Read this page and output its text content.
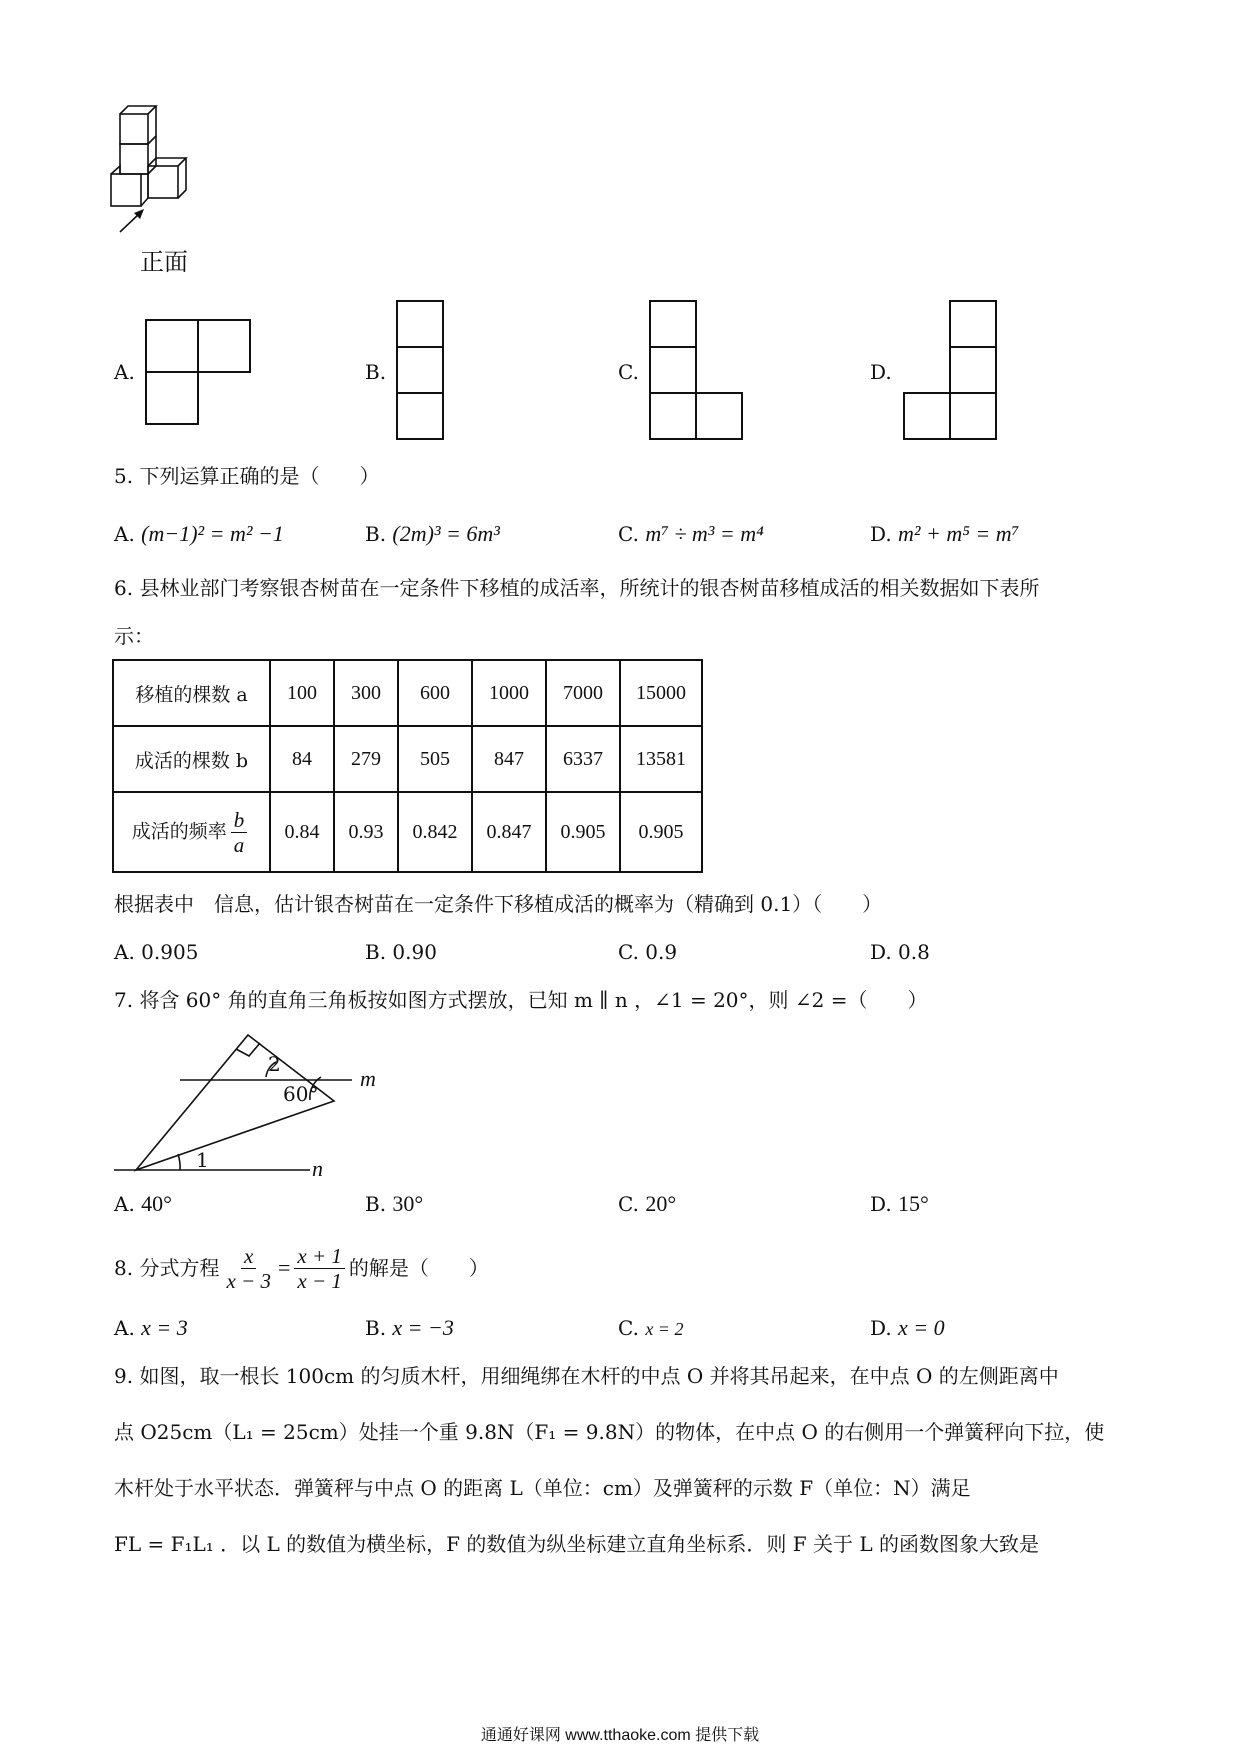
正面
A.	B.	C.	D.
5. 下列运算正确的是（　　）
A. (m−1)² = m² −1	B. (2m)³ = 6m³	C. m⁷ ÷ m³ = m⁴	D. m² + m⁵ = m⁷
6. 县林业部门考察银杏树苗在一定条件下移植的成活率，所统计的银杏树苗移植成活的相关数据如下表所
示：
移植的棵数 a	100	300	600	1000	7000	15000
成活的棵数 b	84	279	505	847	6337	13581
成活的频率 $\frac{b}{a}$	0.84	0.93	0.842	0.847	0.905	0.905
根据表中　信息，估计银杏树苗在一定条件下移植成活的概率为（精确到 0.1）（　　）
A. 0.905	B. 0.90	C. 0.9	D. 0.8
7. 将含 60° 角的直角三角板按如图方式摆放，已知 m ∥ n ，∠1 = 20°，则 ∠2 =（　　）
m
n
2
60°
1
A. 40°	B. 30°	C. 20°	D. 15°
8. 分式方程 $\frac{x}{x - 3} = \frac{x + 1}{x - 1}$ 的解是（　　）
A. x = 3	B. x = −3	C. x = 2	D. x = 0
9. 如图，取一根长 100cm 的匀质木杆，用细绳绑在木杆的中点 O 并将其吊起来，在中点 O 的左侧距离中
点 O25cm（L₁ = 25cm）处挂一个重 9.8N（F₁ = 9.8N）的物体，在中点 O 的右侧用一个弹簧秤向下拉，使
木杆处于水平状态．弹簧秤与中点 O 的距离 L（单位：cm）及弹簧秤的示数 F（单位：N）满足
FL = F₁L₁ ．以 L 的数值为横坐标，F 的数值为纵坐标建立直角坐标系．则 F 关于 L 的函数图象大致是
通通好课网 www.tthaoke.com 提供下载
